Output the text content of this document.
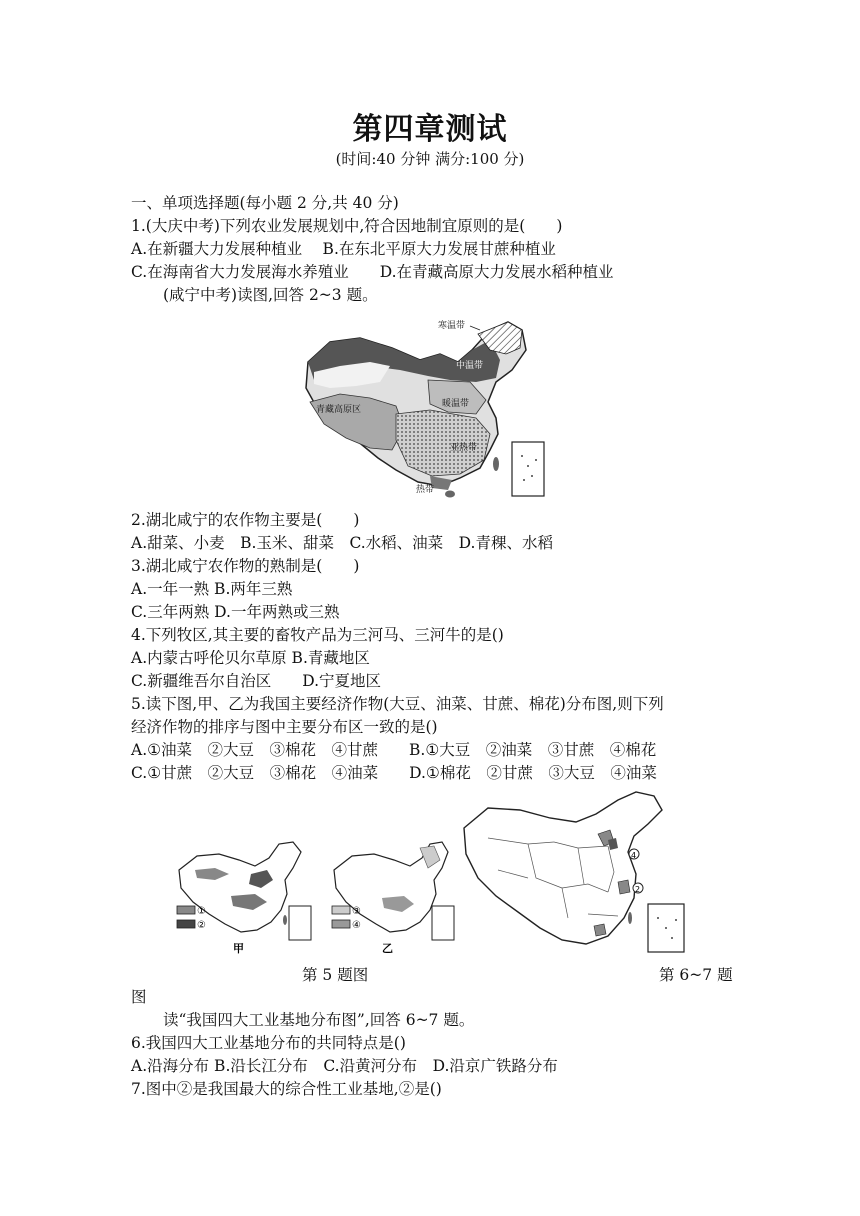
第四章测试
(时间:40 分钟 满分:100 分)
一、单项选择题(每小题 2 分,共 40 分)
1.(大庆中考)下列农业发展规划中,符合因地制宜原则的是(　　)
A.在新疆大力发展种植业　 B.在东北平原大力发展甘蔗种植业
C.在海南省大力发展海水养殖业　　D.在青藏高原大力发展水稻种植业
(咸宁中考)读图,回答 2~3 题。
寒温带
中温带
暖温带
青藏高原区
亚热带
热带
2.湖北咸宁的农作物主要是(　　)
A.甜菜、小麦　B.玉米、甜菜　C.水稻、油菜　D.青稞、水稻
3.湖北咸宁农作物的熟制是(　　)
A.一年一熟 B.两年三熟
C.三年两熟 D.一年两熟或三熟
4.下列牧区,其主要的畜牧产品为三河马、三河牛的是()
A.内蒙古呼伦贝尔草原 B.青藏地区
C.新疆维吾尔自治区　　D.宁夏地区
5.读下图,甲、乙为我国主要经济作物(大豆、油菜、甘蔗、棉花)分布图,则下列
经济作物的排序与图中主要分布区一致的是()
A.①油菜　②大豆　③棉花　④甘蔗　　B.①大豆　②油菜　③甘蔗　④棉花
C.①甘蔗　②大豆　③棉花　④油菜　　D.①棉花　②甘蔗　③大豆　④油菜
①
②
甲
③
④
乙
4
2
第 5 题图	第 6~7 题
图
读“我国四大工业基地分布图”,回答 6~7 题。
6.我国四大工业基地分布的共同特点是()
A.沿海分布 B.沿长江分布　C.沿黄河分布　D.沿京广铁路分布
7.图中②是我国最大的综合性工业基地,②是()
